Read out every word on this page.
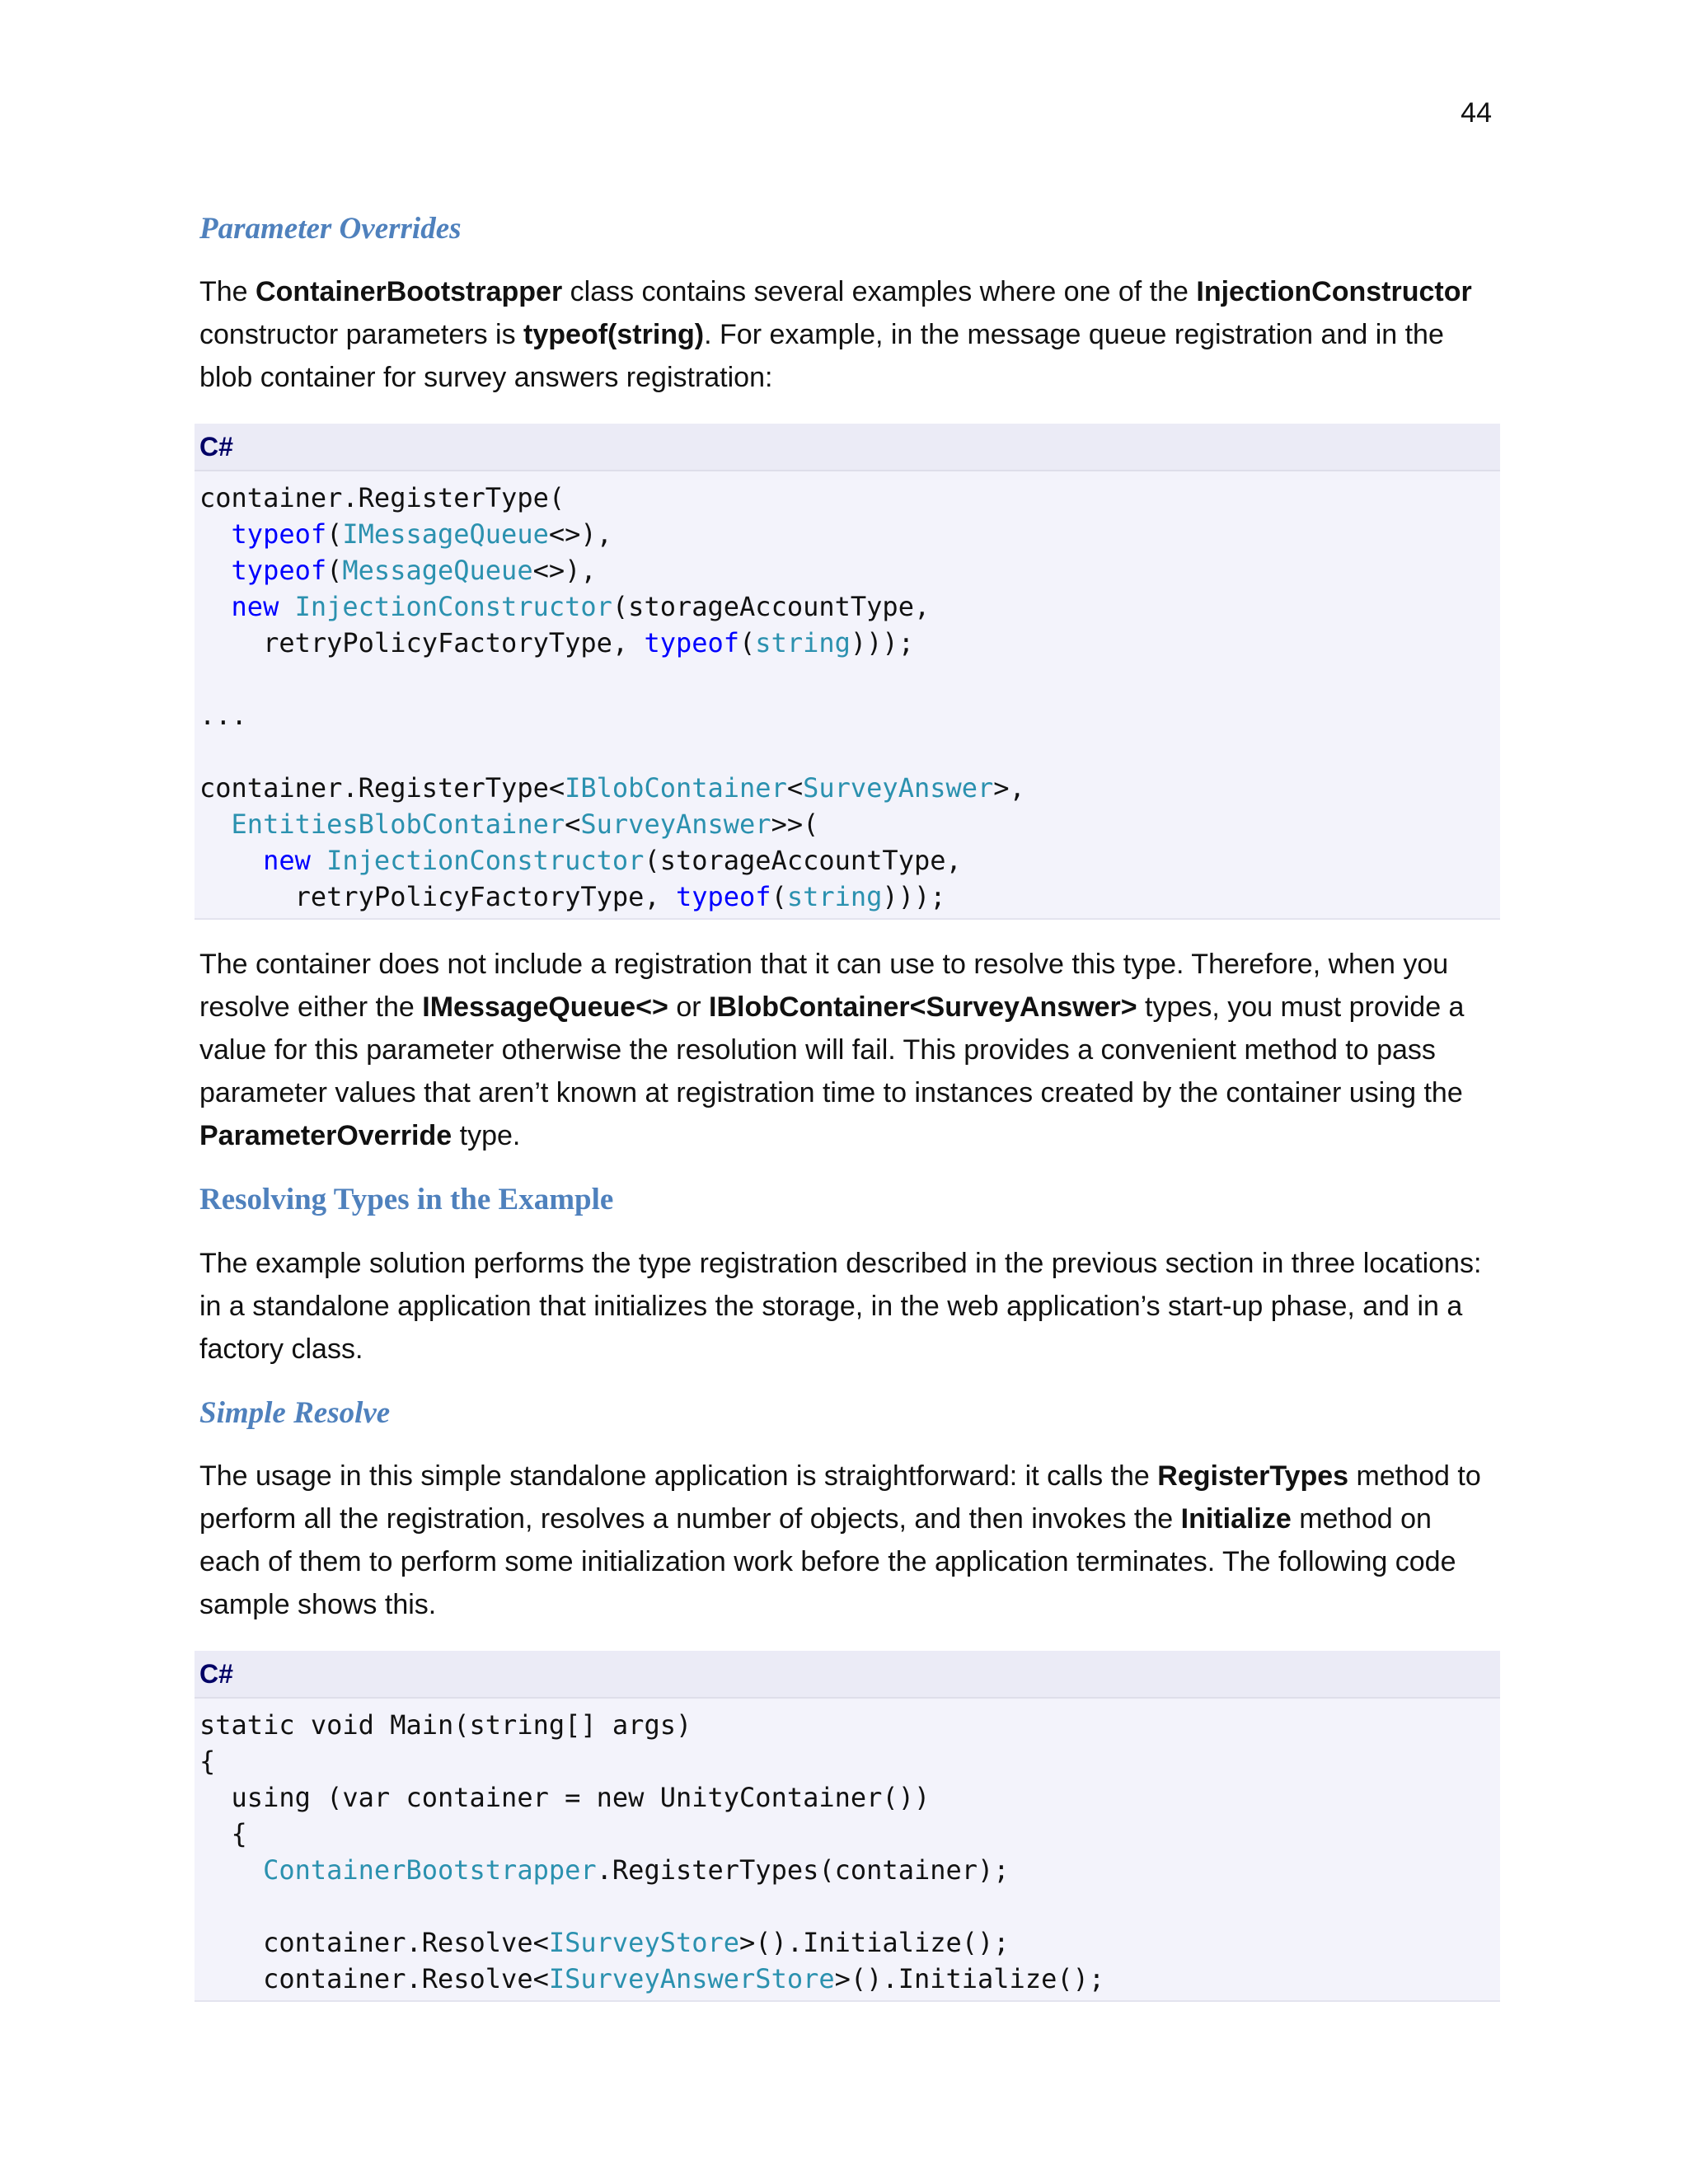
44
Parameter Overrides

The ContainerBootstrapper class contains several examples where one of the InjectionConstructor constructor parameters is typeof(string). For example, in the message queue registration and in the blob container for survey answers registration:

C#
container.RegisterType(
typeof(IMessageQueue<>),
typeof(MessageQueue<>),
new InjectionConstructor(storageAccountType,
retryPolicyFactoryType, typeof(string)));
...
container.RegisterType<IBlobContainer<SurveyAnswer>,
EntitiesBlobContainer<SurveyAnswer>>(
new InjectionConstructor(storageAccountType,
retryPolicyFactoryType, typeof(string)));

The container does not include a registration that it can use to resolve this type. Therefore, when you resolve either the IMessageQueue<> or IBlobContainer<SurveyAnswer> types, you must provide a value for this parameter otherwise the resolution will fail. This provides a convenient method to pass parameter values that aren’t known at registration time to instances created by the container using the ParameterOverride type.

Resolving Types in the Example

The example solution performs the type registration described in the previous section in three locations: in a standalone application that initializes the storage, in the web application’s start-up phase, and in a factory class.

Simple Resolve

The usage in this simple standalone application is straightforward: it calls the RegisterTypes method to perform all the registration, resolves a number of objects, and then invokes the Initialize method on each of them to perform some initialization work before the application terminates. The following code sample shows this.

C#
static void Main(string[] args)
{
using (var container = new UnityContainer())
{
ContainerBootstrapper.RegisterTypes(container);
container.Resolve<ISurveyStore>().Initialize();
container.Resolve<ISurveyAnswerStore>().Initialize();
